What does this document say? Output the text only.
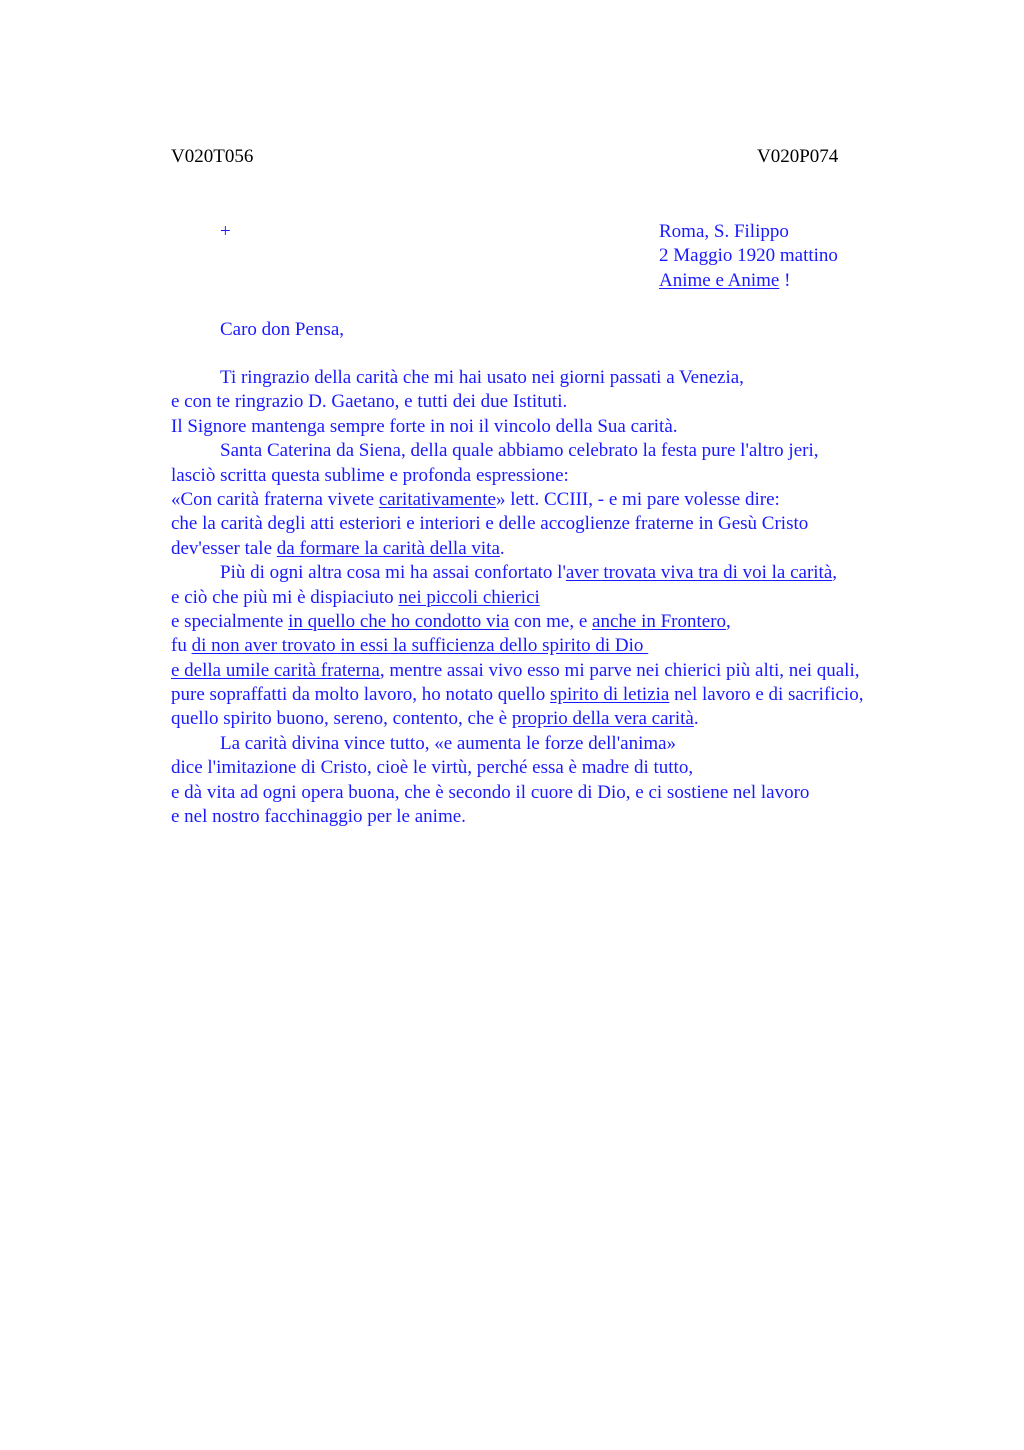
V020T056	V020P074
+	Roma, S. Filippo
2 Maggio 1920 mattino
Anime e Anime !
Caro don Pensa,
Ti ringrazio della carità che mi hai usato nei giorni passati a Venezia,
e con te ringrazio D. Gaetano, e tutti dei due Istituti.
Il Signore mantenga sempre forte in noi il vincolo della Sua carità.
Santa Caterina da Siena, della quale abbiamo celebrato la festa pure l'altro jeri,
lasciò scritta questa sublime e profonda espressione:
«Con carità fraterna vivete caritativamente» lett. CCIII, - e mi pare volesse dire:
che la carità degli atti esteriori e interiori e delle accoglienze fraterne in Gesù Cristo
dev'esser tale da formare la carità della vita.
Più di ogni altra cosa mi ha assai confortato l'aver trovata viva tra di voi la carità,
e ciò che più mi è dispiaciuto nei piccoli chierici
e specialmente in quello che ho condotto via con me, e anche in Frontero,
fu di non aver trovato in essi la sufficienza dello spirito di Dio
e della umile carità fraterna, mentre assai vivo esso mi parve nei chierici più alti, nei quali,
pure sopraffatti da molto lavoro, ho notato quello spirito di letizia nel lavoro e di sacrificio,
quello spirito buono, sereno, contento, che è proprio della vera carità.
La carità divina vince tutto, «e aumenta le forze dell'anima»
dice l'imitazione di Cristo, cioè le virtù, perché essa è madre di tutto,
e dà vita ad ogni opera buona, che è secondo il cuore di Dio, e ci sostiene nel lavoro
e nel nostro facchinaggio per le anime.
